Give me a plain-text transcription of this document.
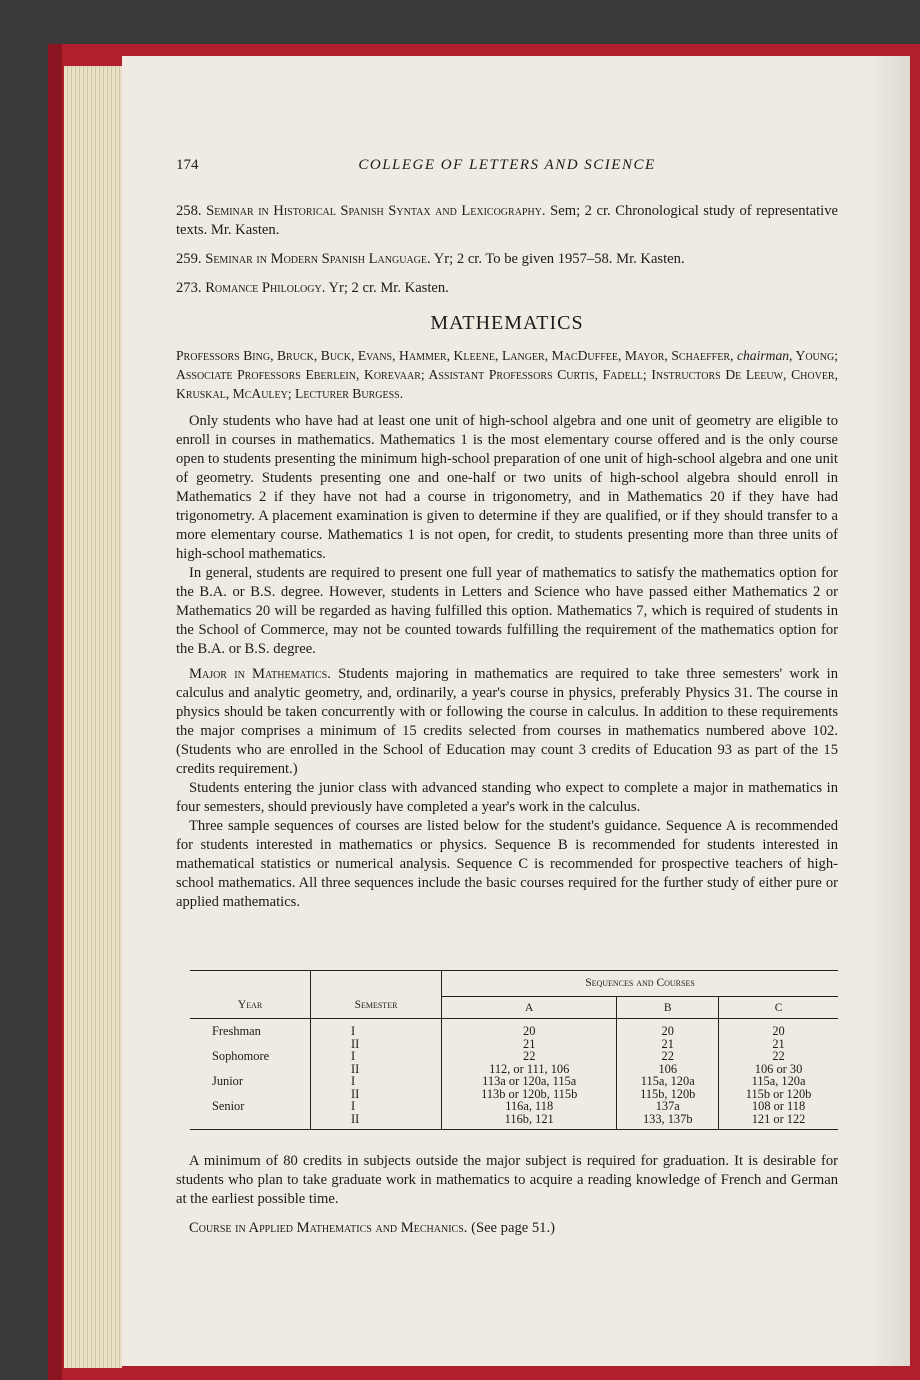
174	COLLEGE OF LETTERS AND SCIENCE

258. Seminar in Historical Spanish Syntax and Lexicography. Sem; 2 cr. Chronological study of representative texts. Mr. Kasten.

259. Seminar in Modern Spanish Language. Yr; 2 cr. To be given 1957–58. Mr. Kasten.

273. Romance Philology. Yr; 2 cr. Mr. Kasten.

MATHEMATICS

Professors Bing, Bruck, Buck, Evans, Hammer, Kleene, Langer, MacDuffee, Mayor, Schaeffer, chairman, Young; Associate Professors Eberlein, Korevaar; Assistant Professors Curtis, Fadell; Instructors De Leeuw, Chover, Kruskal, McAuley; Lecturer Burgess.

Only students who have had at least one unit of high-school algebra and one unit of geometry are eligible to enroll in courses in mathematics. Mathematics 1 is the most elementary course offered and is the only course open to students presenting the minimum high-school preparation of one unit of high-school algebra and one unit of geometry. Students presenting one and one-half or two units of high-school algebra should enroll in Mathematics 2 if they have not had a course in trigonometry, and in Mathematics 20 if they have had trigonometry. A placement examination is given to determine if they are qualified, or if they should transfer to a more elementary course. Mathematics 1 is not open, for credit, to students presenting more than three units of high-school mathematics.

In general, students are required to present one full year of mathematics to satisfy the mathematics option for the B.A. or B.S. degree. However, students in Letters and Science who have passed either Mathematics 2 or Mathematics 20 will be regarded as having fulfilled this option. Mathematics 7, which is required of students in the School of Commerce, may not be counted towards fulfilling the requirement of the mathematics option for the B.A. or B.S. degree.

Major in Mathematics. Students majoring in mathematics are required to take three semesters' work in calculus and analytic geometry, and, ordinarily, a year's course in physics, preferably Physics 31. The course in physics should be taken concurrently with or following the course in calculus. In addition to these requirements the major comprises a minimum of 15 credits selected from courses in mathematics numbered above 102. (Students who are enrolled in the School of Education may count 3 credits of Education 93 as part of the 15 credits requirement.)

Students entering the junior class with advanced standing who expect to complete a major in mathematics in four semesters, should previously have completed a year's work in the calculus.

Three sample sequences of courses are listed below for the student's guidance. Sequence A is recommended for students interested in mathematics or physics. Sequence B is recommended for students interested in mathematical statistics or numerical analysis. Sequence C is recommended for prospective teachers of high-school mathematics. All three sequences include the basic courses required for the further study of either pure or applied mathematics.

Year	Semester	Sequences and Courses		
		A	B	C
Freshman	I	20	20	20
	II	21	21	21
Sophomore	I	22	22	22
	II	112, or 111, 106	106	106 or 30
Junior	I	113a or 120a, 115a	115a, 120a	115a, 120a
	II	113b or 120b, 115b	115b, 120b	115b or 120b
Senior	I	116a, 118	137a	108 or 118
	II	116b, 121	133, 137b	121 or 122

A minimum of 80 credits in subjects outside the major subject is required for graduation. It is desirable for students who plan to take graduate work in mathematics to acquire a reading knowledge of French and German at the earliest possible time.

Course in Applied Mathematics and Mechanics. (See page 51.)
